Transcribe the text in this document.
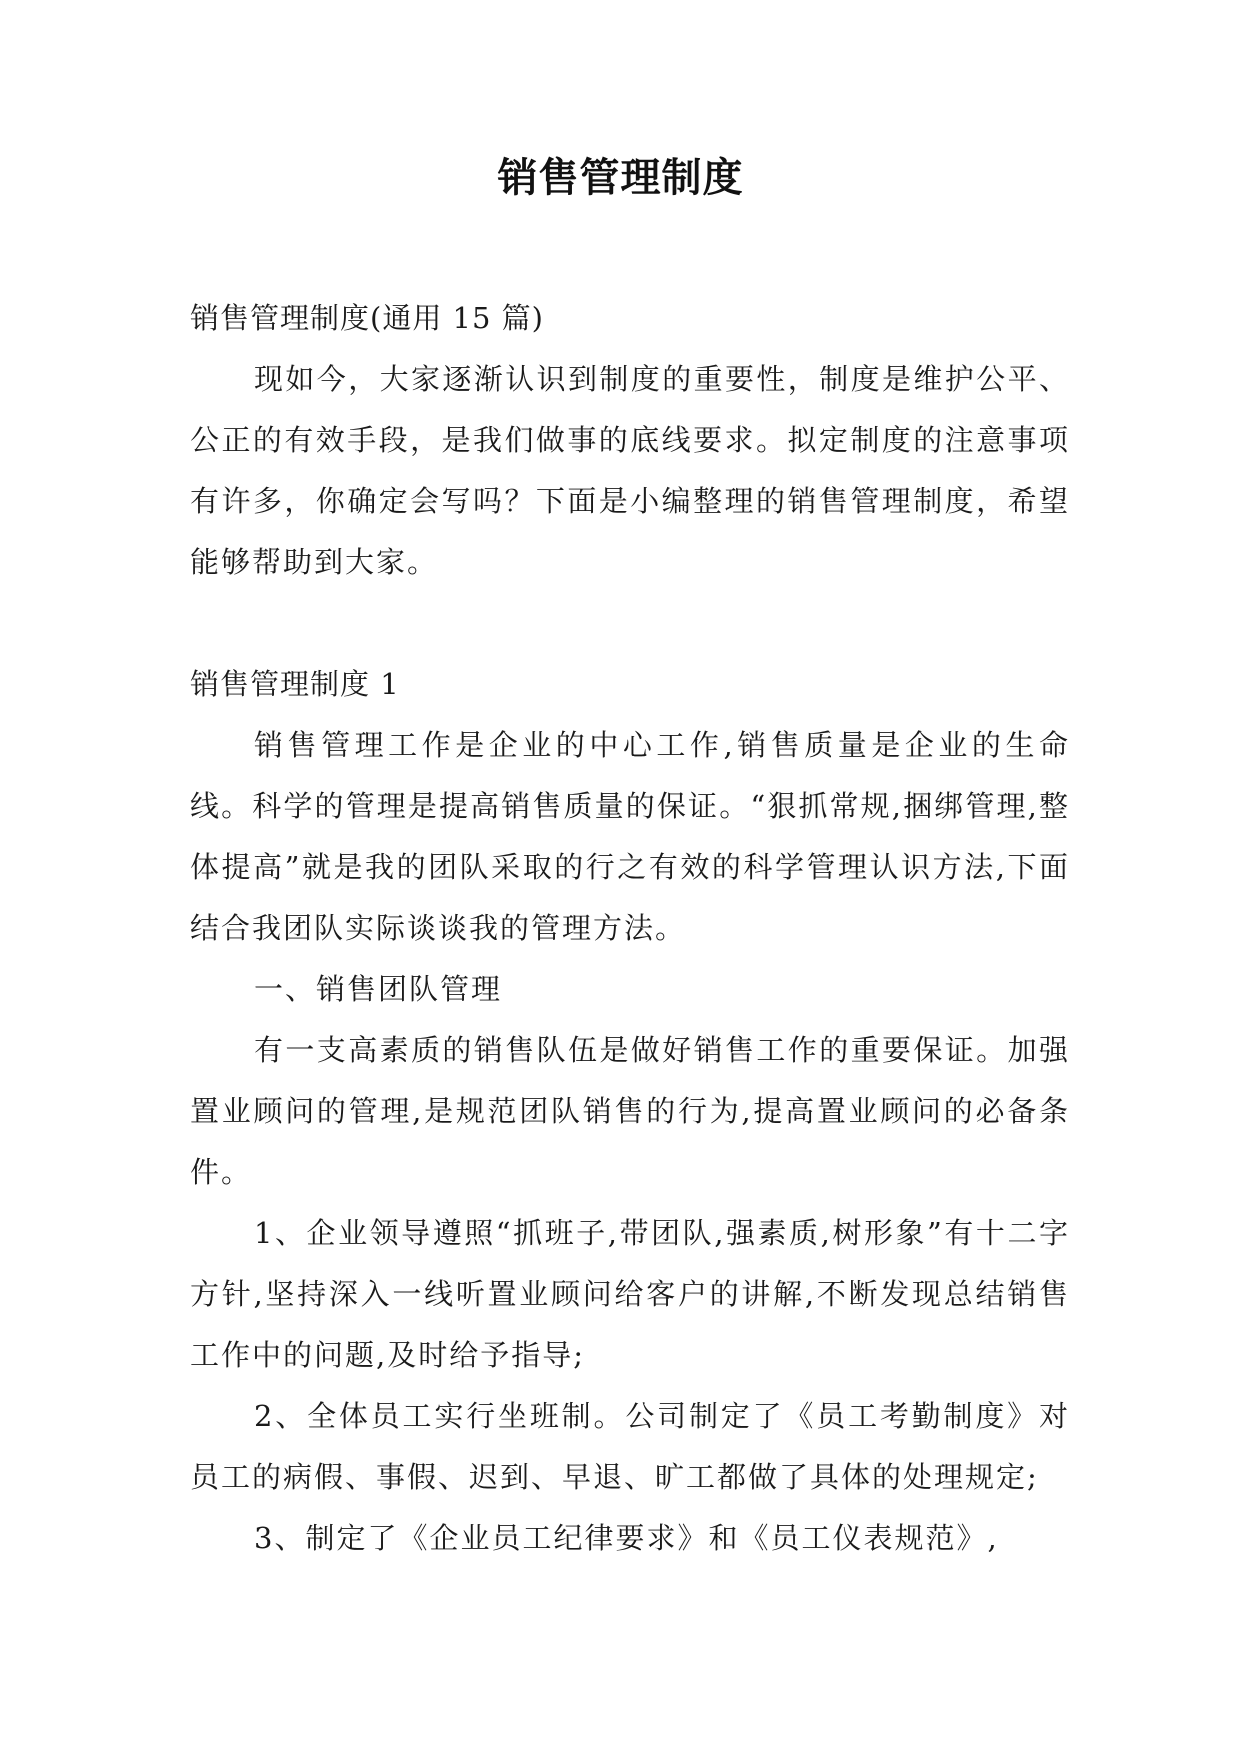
销售管理制度

销售管理制度(通用 15 篇)

现如今，大家逐渐认识到制度的重要性，制度是维护公平、公正的有效手段，是我们做事的底线要求。拟定制度的注意事项有许多，你确定会写吗？下面是小编整理的销售管理制度，希望能够帮助到大家。

销售管理制度 1

销售管理工作是企业的中心工作,销售质量是企业的生命线。科学的管理是提高销售质量的保证。“狠抓常规,捆绑管理,整体提高”就是我的团队采取的行之有效的科学管理认识方法,下面结合我团队实际谈谈我的管理方法。

一、销售团队管理

有一支高素质的销售队伍是做好销售工作的重要保证。加强置业顾问的管理,是规范团队销售的行为,提高置业顾问的必备条件。

1、企业领导遵照“抓班子,带团队,强素质,树形象”有十二字方针,坚持深入一线听置业顾问给客户的讲解,不断发现总结销售工作中的问题,及时给予指导;

2、全体员工实行坐班制。公司制定了《员工考勤制度》对员工的病假、事假、迟到、早退、旷工都做了具体的处理规定;

3、制定了《企业员工纪律要求》和《员工仪表规范》,
